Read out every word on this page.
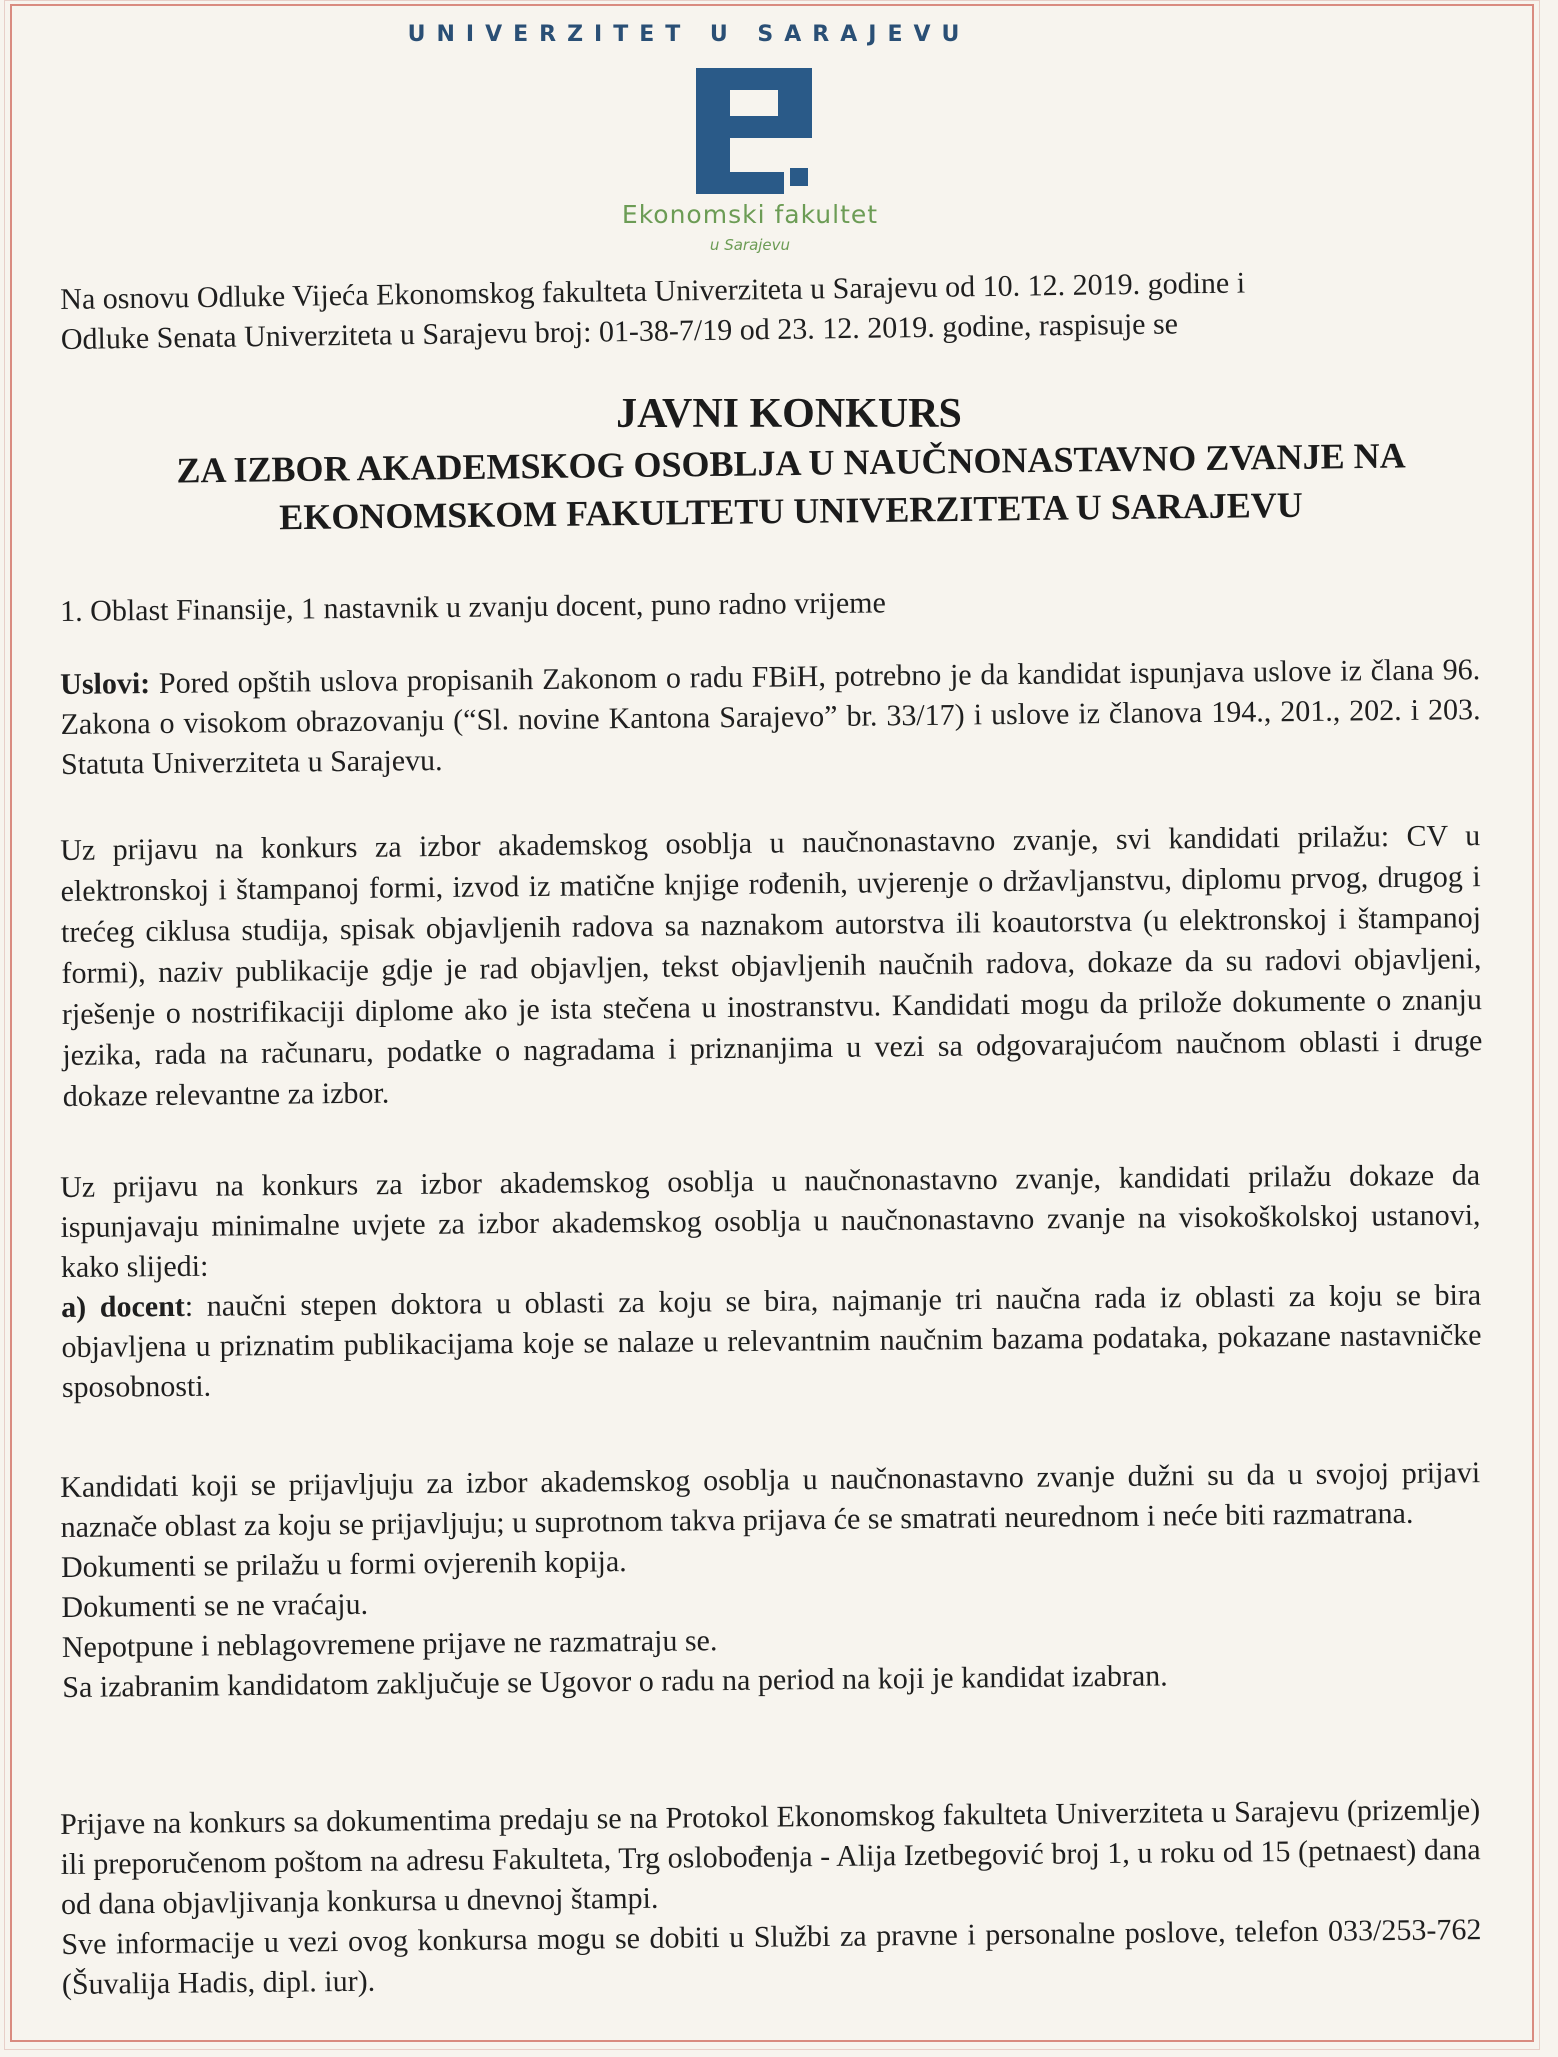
UNIVERZITET U SARAJEVU
Ekonomski fakultet
u Sarajevu
Na osnovu Odluke Vijeća Ekonomskog fakulteta Univerziteta u Sarajevu od 10. 12. 2019. godine i
Odluke Senata Univerziteta u Sarajevu broj: 01-38-7/19 od 23. 12. 2019. godine, raspisuje se
JAVNI KONKURS
ZA IZBOR AKADEMSKOG OSOBLJA U NAUČNONASTAVNO ZVANJE NA
EKONOMSKOM FAKULTETU UNIVERZITETA U SARAJEVU
1. Oblast Finansije, 1 nastavnik u zvanju docent, puno radno vrijeme

Uslovi: Pored opštih uslova propisanih Zakonom o radu FBiH, potrebno je da kandidat ispunjava uslove iz člana 96. Zakona o visokom obrazovanju (“Sl. novine Kantona Sarajevo” br. 33/17) i uslove iz članova 194., 201., 202. i 203. Statuta Univerziteta u Sarajevu.

Uz prijavu na konkurs za izbor akademskog osoblja u naučnonastavno zvanje, svi kandidati prilažu: CV u elektronskoj i štampanoj formi, izvod iz matične knjige rođenih, uvjerenje o državljanstvu, diplomu prvog, drugog i trećeg ciklusa studija, spisak objavljenih radova sa naznakom autorstva ili koautorstva (u elektronskoj i štampanoj formi), naziv publikacije gdje je rad objavljen, tekst objavljenih naučnih radova, dokaze da su radovi objavljeni, rješenje o nostrifikaciji diplome ako je ista stečena u inostranstvu. Kandidati mogu da prilože dokumente o znanju jezika, rada na računaru, podatke o nagradama i priznanjima u vezi sa odgovarajućom naučnom oblasti i druge dokaze relevantne za izbor.

Uz prijavu na konkurs za izbor akademskog osoblja u naučnonastavno zvanje, kandidati prilažu dokaze da ispunjavaju minimalne uvjete za izbor akademskog osoblja u naučnonastavno zvanje na visokoškolskoj ustanovi, kako slijedi:

a) docent: naučni stepen doktora u oblasti za koju se bira, najmanje tri naučna rada iz oblasti za koju se bira objavljena u priznatim publikacijama koje se nalaze u relevantnim naučnim bazama podataka, pokazane nastavničke sposobnosti.

Kandidati koji se prijavljuju za izbor akademskog osoblja u naučnonastavno zvanje dužni su da u svojoj prijavi naznače oblast za koju se prijavljuju; u suprotnom takva prijava će se smatrati neurednom i neće biti razmatrana.

Dokumenti se prilažu u formi ovjerenih kopija.
Dokumenti se ne vraćaju.
Nepotpune i neblagovremene prijave ne razmatraju se.
Sa izabranim kandidatom zaključuje se Ugovor o radu na period na koji je kandidat izabran.

Prijave na konkurs sa dokumentima predaju se na Protokol Ekonomskog fakulteta Univerziteta u Sarajevu (prizemlje) ili preporučenom poštom na adresu Fakulteta, Trg oslobođenja - Alija Izetbegović broj 1, u roku od 15 (petnaest) dana od dana objavljivanja konkursa u dnevnoj štampi.

Sve informacije u vezi ovog konkursa mogu se dobiti u Službi za pravne i personalne poslove, telefon 033/253-762 (Šuvalija Hadis, dipl. iur).
